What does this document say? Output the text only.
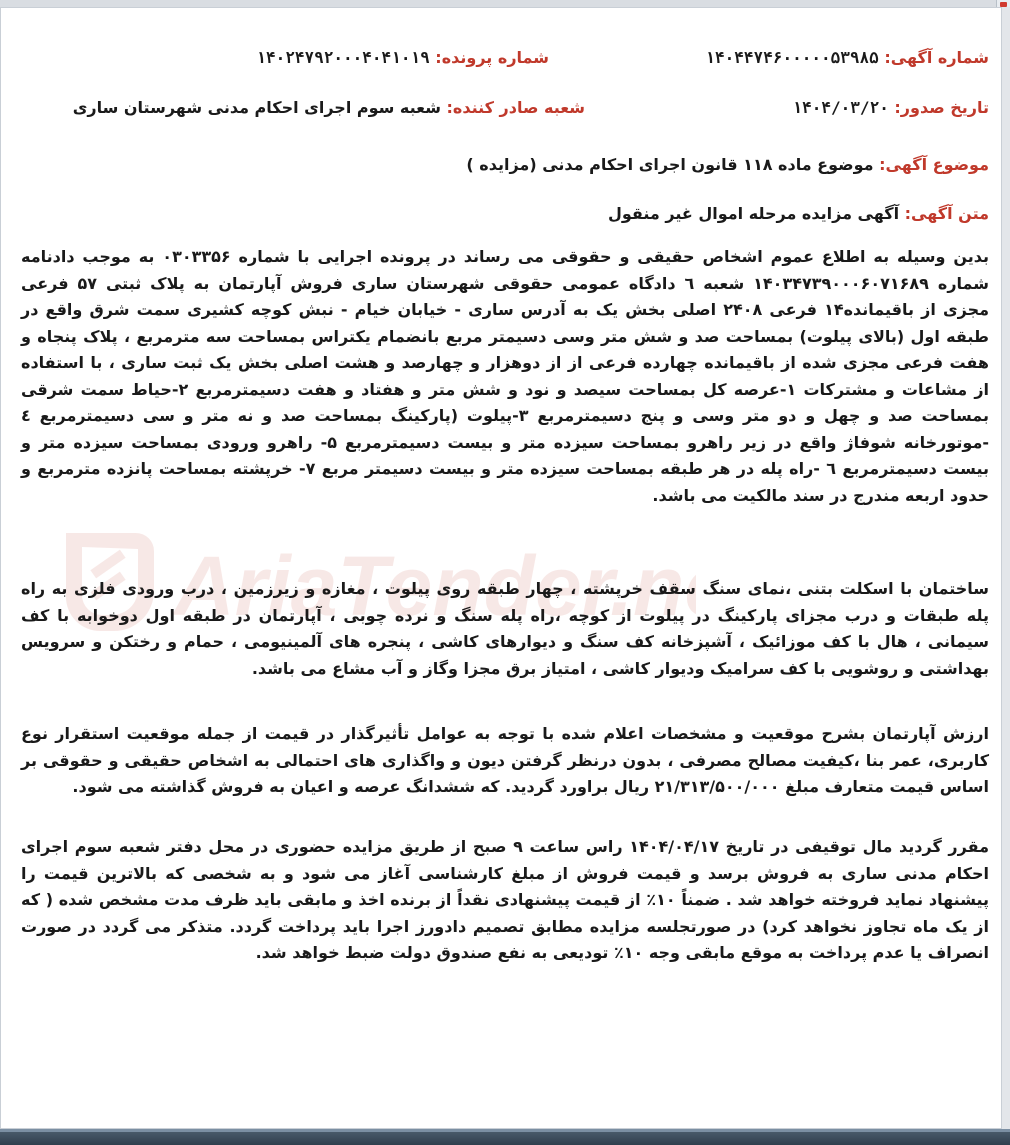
AriaTender.n
شماره آگهی: ۱۴۰۴۴۷۴۶۰۰۰۰۰۵۳۹۸۵
شماره پرونده: ۱۴۰۲۴۷۹۲۰۰۰۴۰۴۱۰۱۹
تاریخ صدور: ۱۴۰۴/۰۳/۲۰
شعبه صادر کننده: شعبه سوم اجرای احکام مدنی شهرستان ساری
موضوع آگهی: موضوع ماده ۱۱۸ قانون اجرای احکام مدنی (مزایده )
متن آگهی: آگهی مزایده مرحله اموال غیر منقول

بدین وسیله به اطلاع عموم اشخاص حقیقی و حقوقی می رساند در پرونده اجرایی با شماره ۰۳۰۳۳۵۶ به موجب دادنامه شماره ۱۴۰۳۴۷۳۹۰۰۰۶۰۷۱۶۸۹ شعبه ٦ دادگاه عمومی حقوقی شهرستان ساری فروش آپارتمان به پلاک ثبتی ۵۷ فرعی مجزی از باقیمانده۱۴ فرعی ۲۴۰۸ اصلی بخش یک به آدرس ساری - خیابان خیام - نبش کوچه کشیری سمت شرق واقع در طبقه اول (بالای پیلوت) بمساحت صد و شش متر وسی دسیمتر مربع بانضمام یکتراس بمساحت سه مترمربع ، پلاک پنجاه و هفت فرعی مجزی شده از باقیمانده چهارده فرعی از از دوهزار و چهارصد و هشت اصلی بخش یک ثبت ساری ، با استفاده از مشاعات و مشترکات ۱-عرصه کل بمساحت سیصد و نود و شش متر و هفتاد و هفت دسیمترمربع ۲-حیاط سمت شرقی بمساحت صد و چهل و دو متر وسی و پنج دسیمترمربع ۳-پیلوت (پارکینگ بمساحت صد و نه متر و سی دسیمترمربع ٤ -موتورخانه شوفاژ واقع در زیر راهرو بمساحت سیزده متر و بیست دسیمترمربع ۵- راهرو ورودی بمساحت سیزده متر و بیست دسیمترمربع ٦ -راه پله در هر طبقه بمساحت سیزده متر و بیست دسیمتر مربع ۷- خرپشته بمساحت پانزده مترمربع و حدود اربعه مندرج در سند مالکیت می باشد.

ساختمان با اسکلت بتنی ،نمای سنگ سقف خرپشته ، چهار طبقه روی پیلوت ، مغازه و زیرزمین ، درب ورودی فلزی به راه پله طبقات و درب مجزای پارکینگ در پیلوت از کوچه ،راه پله سنگ و نرده چوبی ، آپارتمان در طبقه اول دوخوابه با کف سیمانی ، هال با کف موزائیک ، آشپزخانه کف سنگ و دیوارهای کاشی ، پنجره های آلمینیومی ، حمام و رختکن و سرویس بهداشتی و روشویی با کف سرامیک ودیوار کاشی ، امتیاز برق مجزا وگاز و آب مشاع می باشد.

ارزش آپارتمان بشرح موقعیت و مشخصات اعلام شده با توجه به عوامل تأثیرگذار در قیمت از جمله موقعیت استقرار نوع کاربری، عمر بنا ،کیفیت مصالح مصرفی ، بدون درنظر گرفتن دیون و واگذاری های احتمالی به اشخاص حقیقی و حقوقی بر اساس قیمت متعارف مبلغ ۲۱/۳۱۳/۵۰۰/۰۰۰ ریال براورد گردید. که ششدانگ عرصه و اعیان به فروش گذاشته می شود.

مقرر گردید مال توقیفی در تاریخ ۱۴۰۴/۰۴/۱۷ راس ساعت ۹ صبح از طریق مزایده حضوری در محل دفتر شعبه سوم اجرای احکام مدنی ساری به فروش برسد و قیمت فروش از مبلغ کارشناسی آغاز می شود و به شخصی که بالاترین قیمت را پیشنهاد نماید فروخته خواهد شد . ضمناً ۱۰٪ از قیمت پیشنهادی نقداً از برنده اخذ و مابقی باید ظرف مدت مشخص شده ( که از یک ماه تجاوز نخواهد کرد) در صورتجلسه مزایده مطابق تصمیم دادورز اجرا باید پرداخت گردد. متذکر می گردد در صورت انصراف یا عدم پرداخت به موقع مابقی وجه ۱۰٪ تودیعی به نفع صندوق دولت ضبط خواهد شد.
